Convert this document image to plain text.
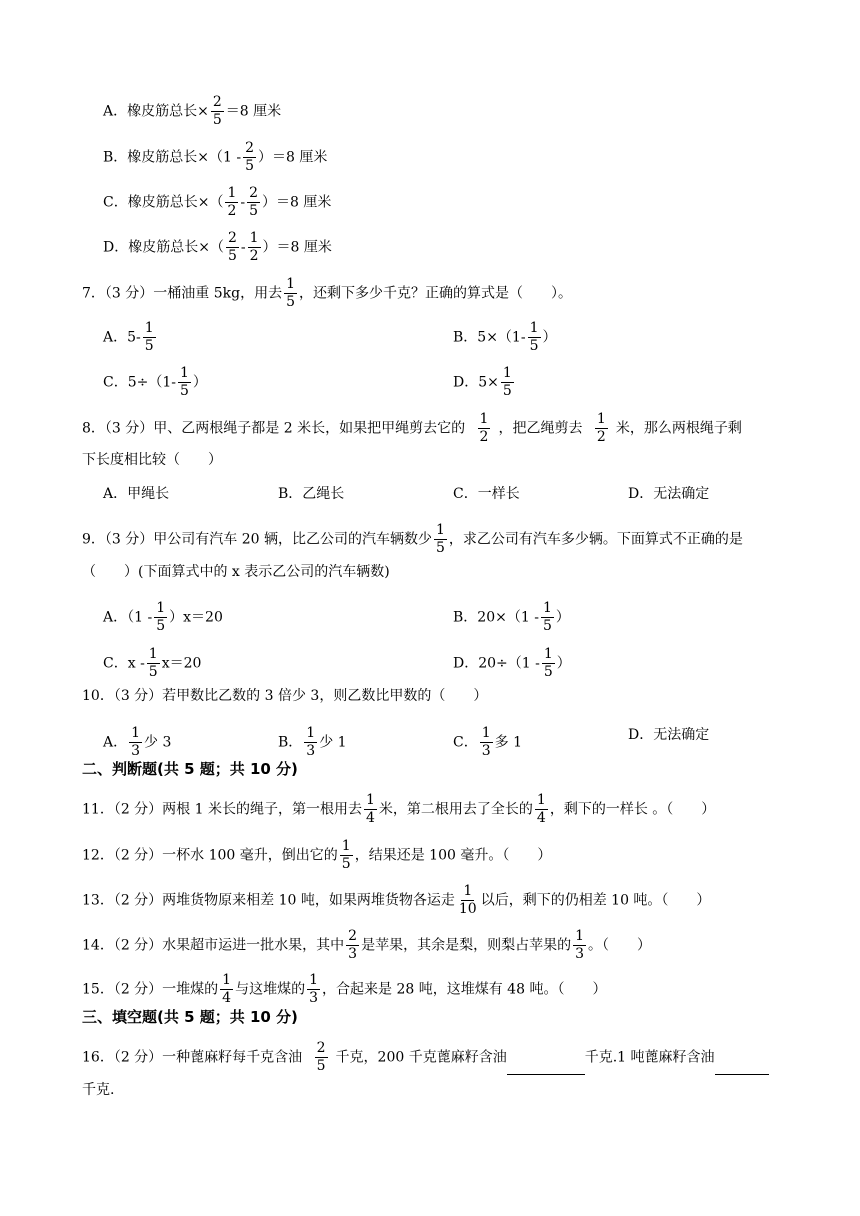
A．橡皮筋总长× $\frac{2}{5} =8$ 厘米
B．橡皮筋总长$\times(1 - \frac{2}{5} )=8$ 厘米
C．橡皮筋总长×（ $\frac{1}{2} - \frac{2}{5} )=8$ 厘米
D．橡皮筋总长×（ $\frac{2}{5} - \frac{1}{2} )=8$ 厘米
7．（3 分）一桶油重 5kg，用去 $\frac{1}{5}$ ，还剩下多少千克？正确的算式是（　　）。
A．$5- \frac{1}{5}$	B．$5\times(1- \frac{1}{5}$ ）
C．$5\div(1- \frac{1}{5}$ ）	D．$5\times \frac{1}{5}$
8．（3 分）甲、乙两根绳子都是 2 米长，如果把甲绳剪去它的 $\frac{1}{2}$ ，把乙绳剪去 $\frac{1}{2}$ 米，那么两根绳子剩
下长度相比较（　　）
A．甲绳长	B．乙绳长	C．一样长	D．无法确定
9．（3 分）甲公司有汽车 20 辆，比乙公司的汽车辆数少 $\frac{1}{5}$ ，求乙公司有汽车多少辆。下面算式不正确的是
（　　）(下面算式中的 x 表示乙公司的汽车辆数)
A．$(1 - \frac{1}{5} )x=20$	B．$20\times(1 - \frac{1}{5}$ ）
C．$x - \frac{1}{5} x=20$	D．$20\div(1 - \frac{1}{5}$ ）
10．（3 分）若甲数比乙数的 3 倍少 3，则乙数比甲数的（　　）
A． $\frac{1}{3}$ 少 3	B． $\frac{1}{3}$ 少 1	C． $\frac{1}{3}$ 多 1	D．无法确定
二、判断题(共 5 题；共 10 分)
11．（2 分）两根 1 米长的绳子，第一根用去 $\frac{1}{4}$ 米，第二根用去了全长的 $\frac{1}{4}$ ，剩下的一样长 。（　　）
12．（2 分）一杯水 100 毫升，倒出它的 $\frac{1}{5}$ ，结果还是 100 毫升。（　　）
13．（2 分）两堆货物原来相差 10 吨，如果两堆货物各运走 $\frac{1}{10}$ 以后，剩下的仍相差 10 吨。（　　）
14．（2 分）水果超市运进一批水果，其中 $\frac{2}{3}$ 是苹果，其余是梨，则梨占苹果的 $\frac{1}{3}$ 。（　　）
15．（2 分）一堆煤的 $\frac{1}{4}$ 与这堆煤的 $\frac{1}{3}$ ，合起来是 28 吨，这堆煤有 48 吨。（　　）
三、填空题(共 5 题；共 10 分)
16．（2 分）一种蓖麻籽每千克含油 $\frac{2}{5}$ 千克，200 千克蓖麻籽含油	千克.1 吨蓖麻籽含油
千克.
